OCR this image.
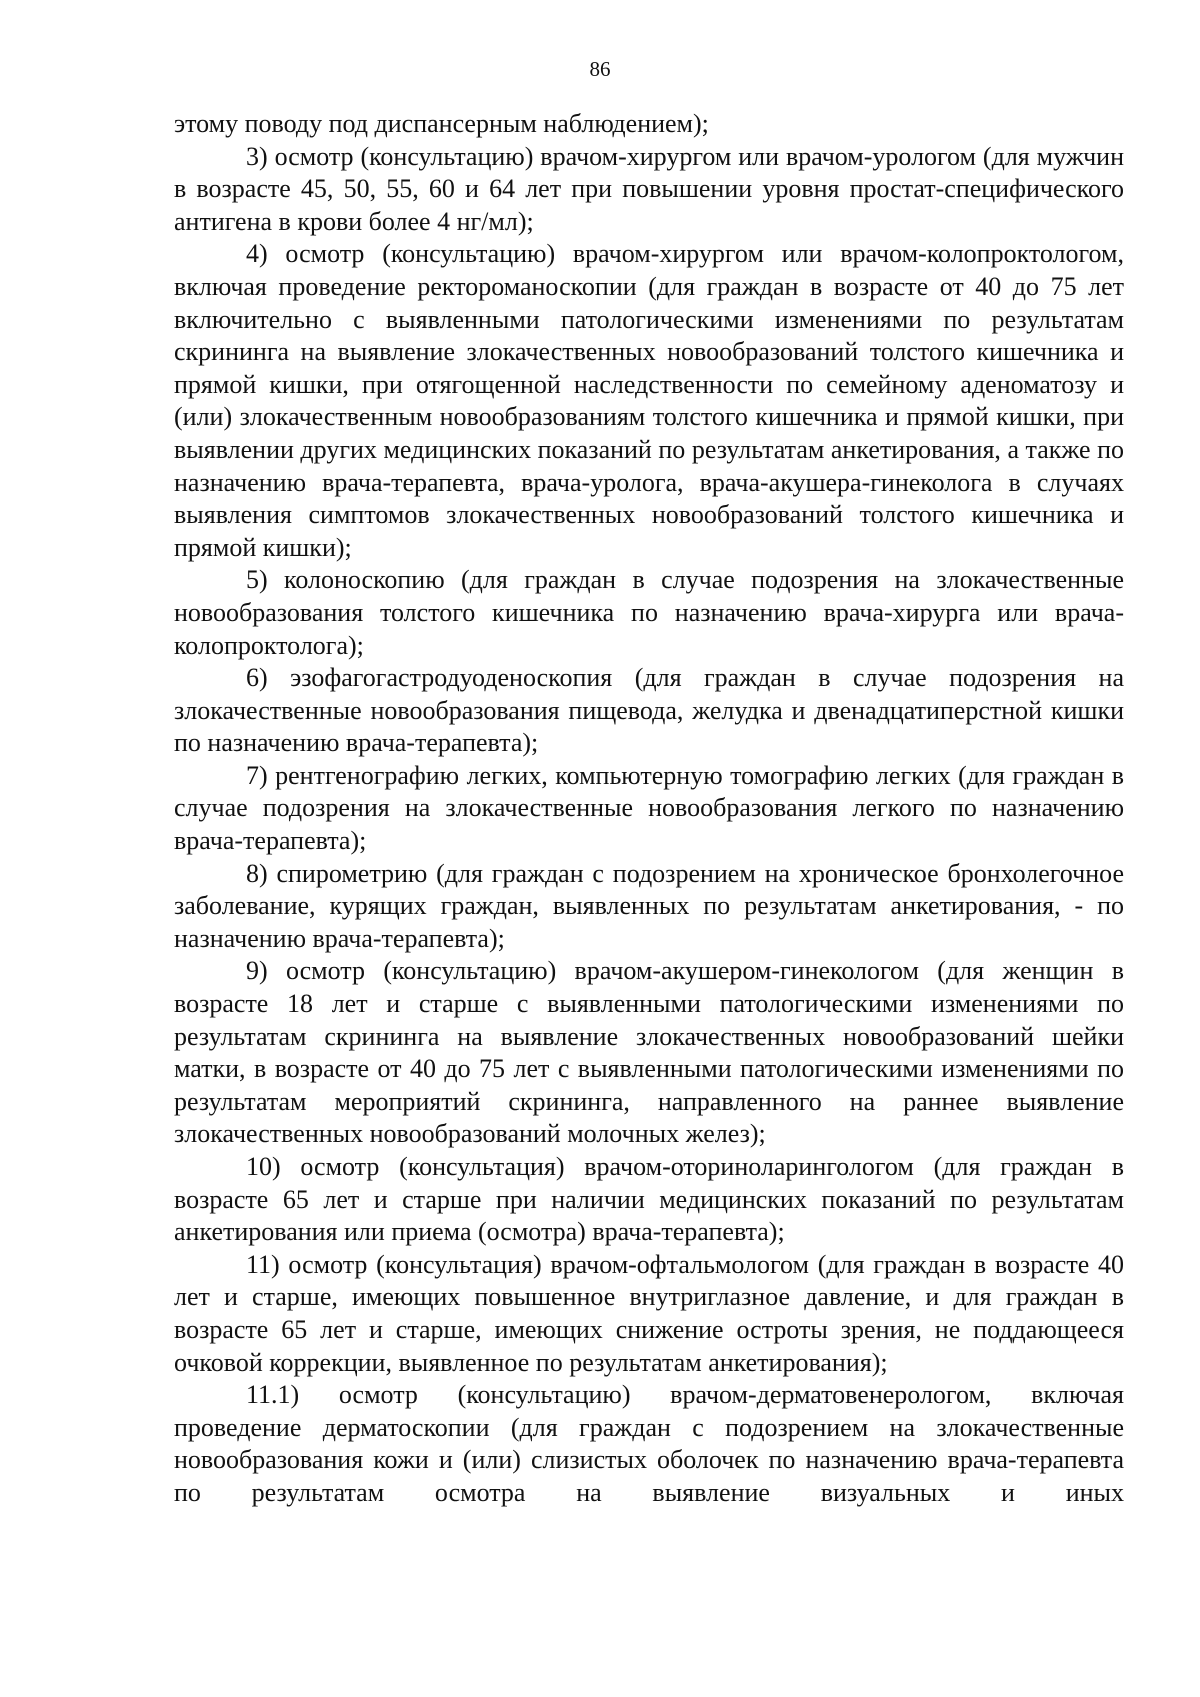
86

этому поводу под диспансерным наблюдением);

3) осмотр (консультацию) врачом-хирургом или врачом-урологом (для мужчин в возрасте 45, 50, 55, 60 и 64 лет при повышении уровня простат-специфического антигена в крови более 4 нг/мл);

4) осмотр (консультацию) врачом-хирургом или врачом-колопроктологом, включая проведение ректороманоскопии (для граждан в возрасте от 40 до 75 лет включительно с выявленными патологическими изменениями по результатам скрининга на выявление злокачественных новообразований толстого кишечника и прямой кишки, при отягощенной наследственности по семейному аденоматозу и (или) злокачественным новообразованиям толстого кишечника и прямой кишки, при выявлении других медицинских показаний по результатам анкетирования, а также по назначению врача-терапевта, врача-уролога, врача-акушера-гинеколога в случаях выявления симптомов злокачественных новообразований толстого кишечника и прямой кишки);

5) колоноскопию (для граждан в случае подозрения на злокачественные новообразования толстого кишечника по назначению врача-хирурга или врача-колопроктолога);

6) эзофагогастродуоденоскопия (для граждан в случае подозрения на злокачественные новообразования пищевода, желудка и двенадцатиперстной кишки по назначению врача-терапевта);

7) рентгенографию легких, компьютерную томографию легких (для граждан в случае подозрения на злокачественные новообразования легкого по назначению врача-терапевта);

8) спирометрию (для граждан с подозрением на хроническое бронхолегочное заболевание, курящих граждан, выявленных по результатам анкетирования, - по назначению врача-терапевта);

9) осмотр (консультацию) врачом-акушером-гинекологом (для женщин в возрасте 18 лет и старше с выявленными патологическими изменениями по результатам скрининга на выявление злокачественных новообразований шейки матки, в возрасте от 40 до 75 лет с выявленными патологическими изменениями по результатам мероприятий скрининга, направленного на раннее выявление злокачественных новообразований молочных желез);

10) осмотр (консультация) врачом-оториноларингологом (для граждан в возрасте 65 лет и старше при наличии медицинских показаний по результатам анкетирования или приема (осмотра) врача-терапевта);

11) осмотр (консультация) врачом-офтальмологом (для граждан в возрасте 40 лет и старше, имеющих повышенное внутриглазное давление, и для граждан в возрасте 65 лет и старше, имеющих снижение остроты зрения, не поддающееся очковой коррекции, выявленное по результатам анкетирования);

11.1) осмотр (консультацию) врачом-дерматовенерологом, включая проведение дерматоскопии (для граждан с подозрением на злокачественные новообразования кожи и (или) слизистых оболочек по назначению врача-терапевта по результатам осмотра на выявление визуальных и иных
